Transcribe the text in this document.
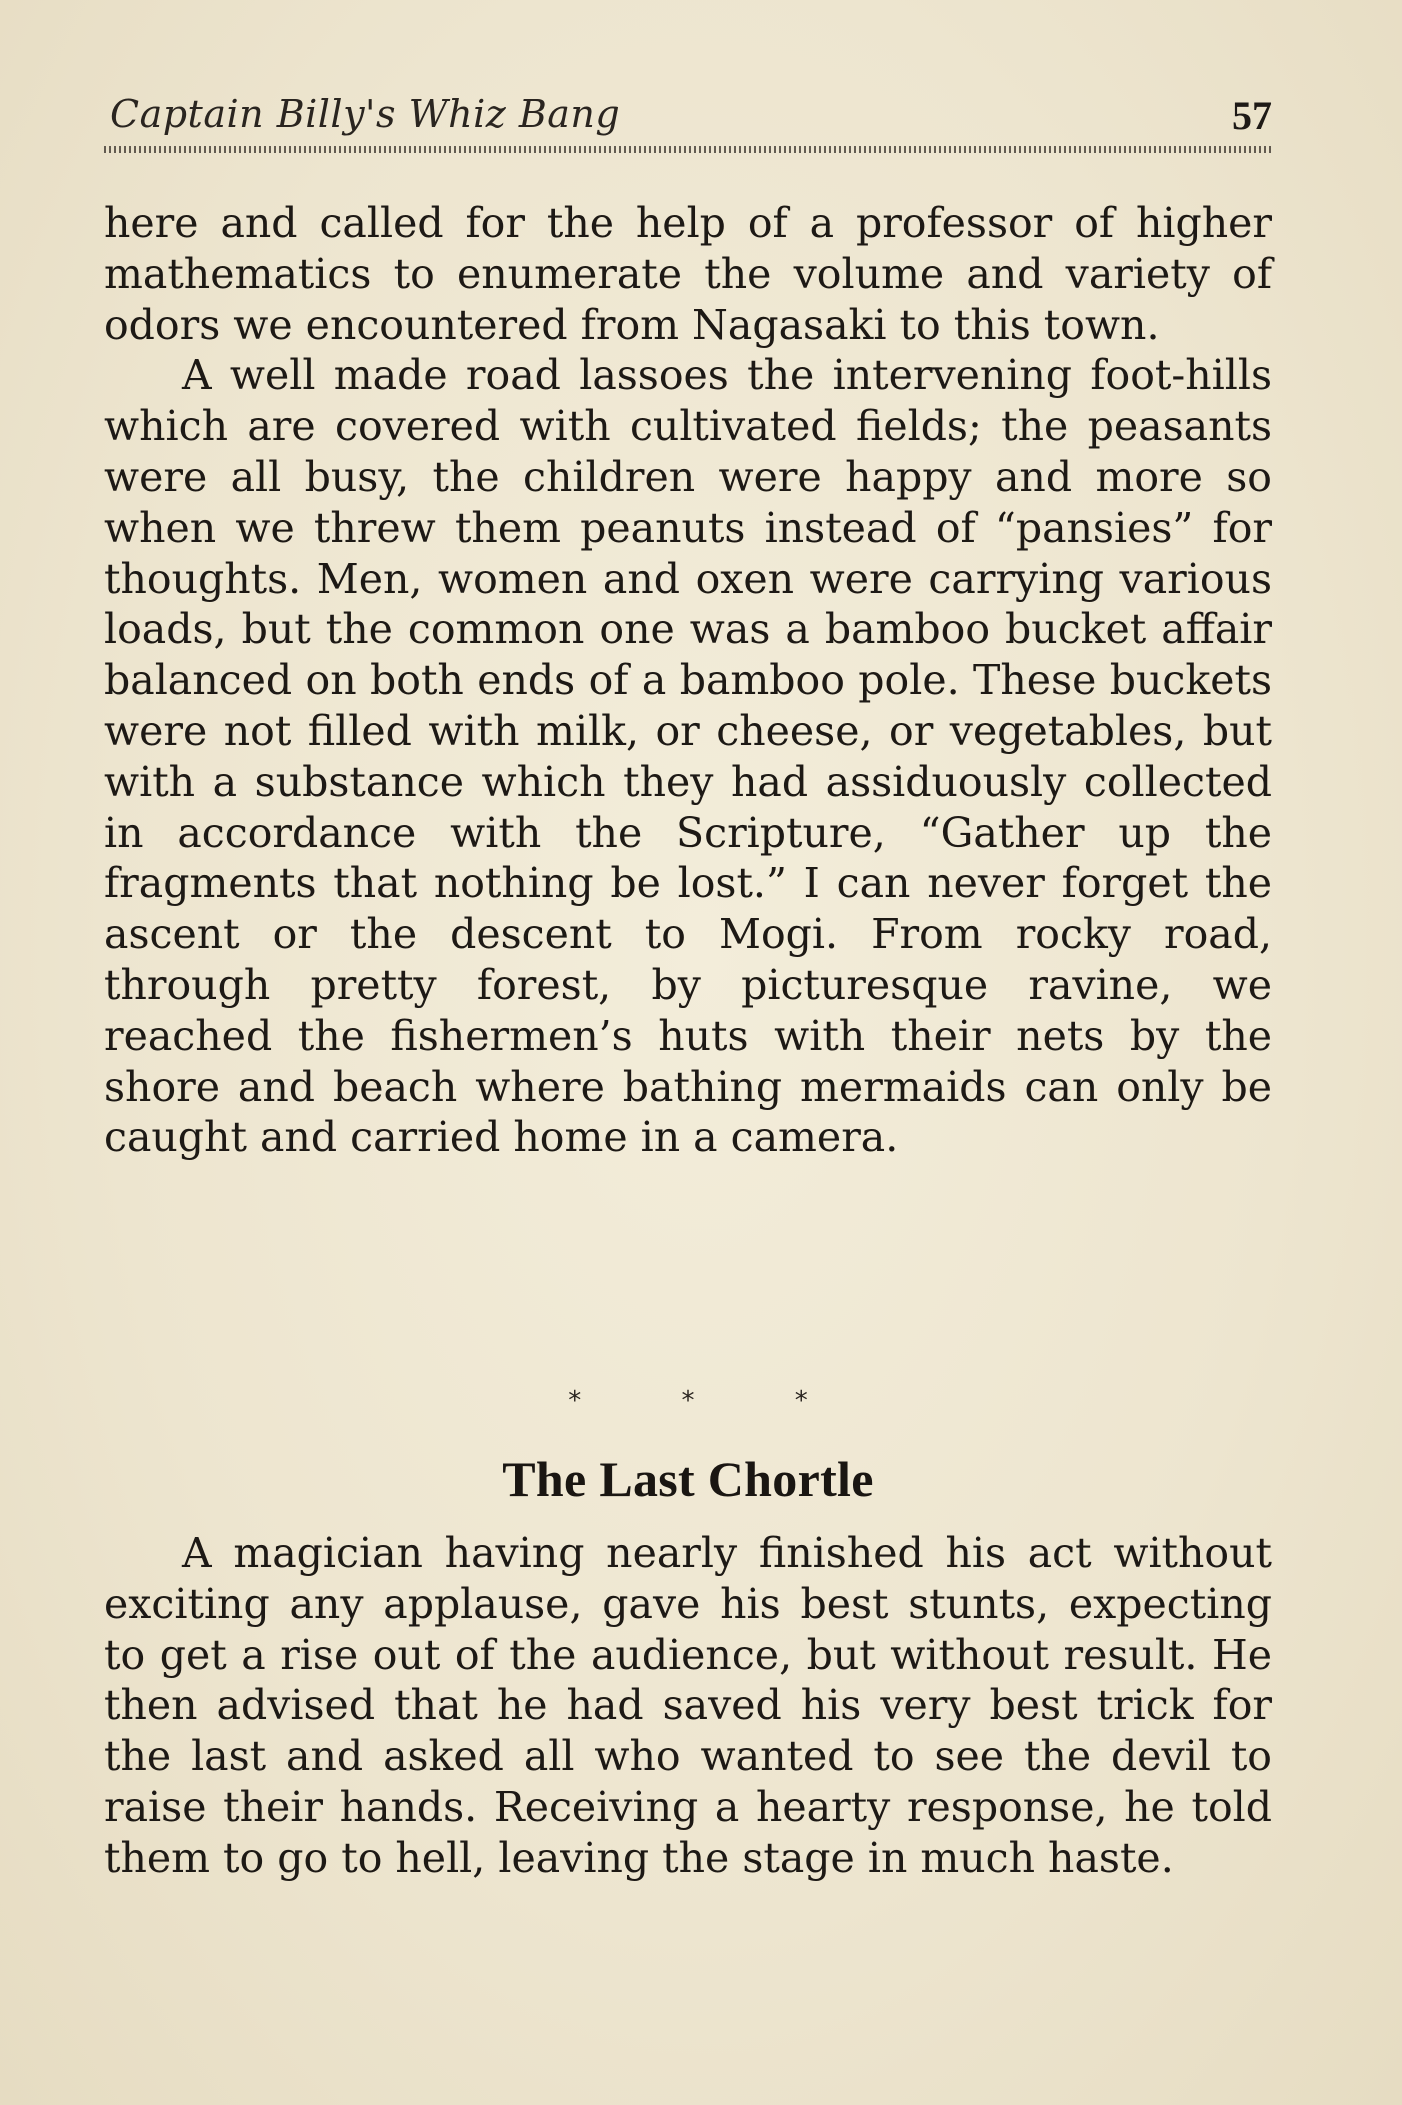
Captain Billy's Whiz Bang	57

here and called for the help of a professor of higher mathematics to enumerate the volume and variety of odors we encountered from Nagasaki to this town.

A well made road lassoes the intervening foot-hills which are covered with cultivated fields; the peasants were all busy, the children were happy and more so when we threw them peanuts instead of “pansies” for thoughts. Men, women and oxen were carrying various loads, but the common one was a bamboo bucket affair balanced on both ends of a bamboo pole. These buckets were not filled with milk, or cheese, or vegetables, but with a substance which they had assiduously collected in accordance with the Scripture, “Gather up the fragments that nothing be lost.” I can never forget the ascent or the descent to Mogi. From rocky road, through pretty forest, by picturesque ravine, we reached the fishermen’s huts with their nets by the shore and beach where bathing mermaids can only be caught and carried home in a camera.

* * *
The Last Chortle

A magician having nearly finished his act without exciting any applause, gave his best stunts, expecting to get a rise out of the audience, but without result. He then advised that he had saved his very best trick for the last and asked all who wanted to see the devil to raise their hands. Receiving a hearty response, he told them to go to hell, leaving the stage in much haste.
